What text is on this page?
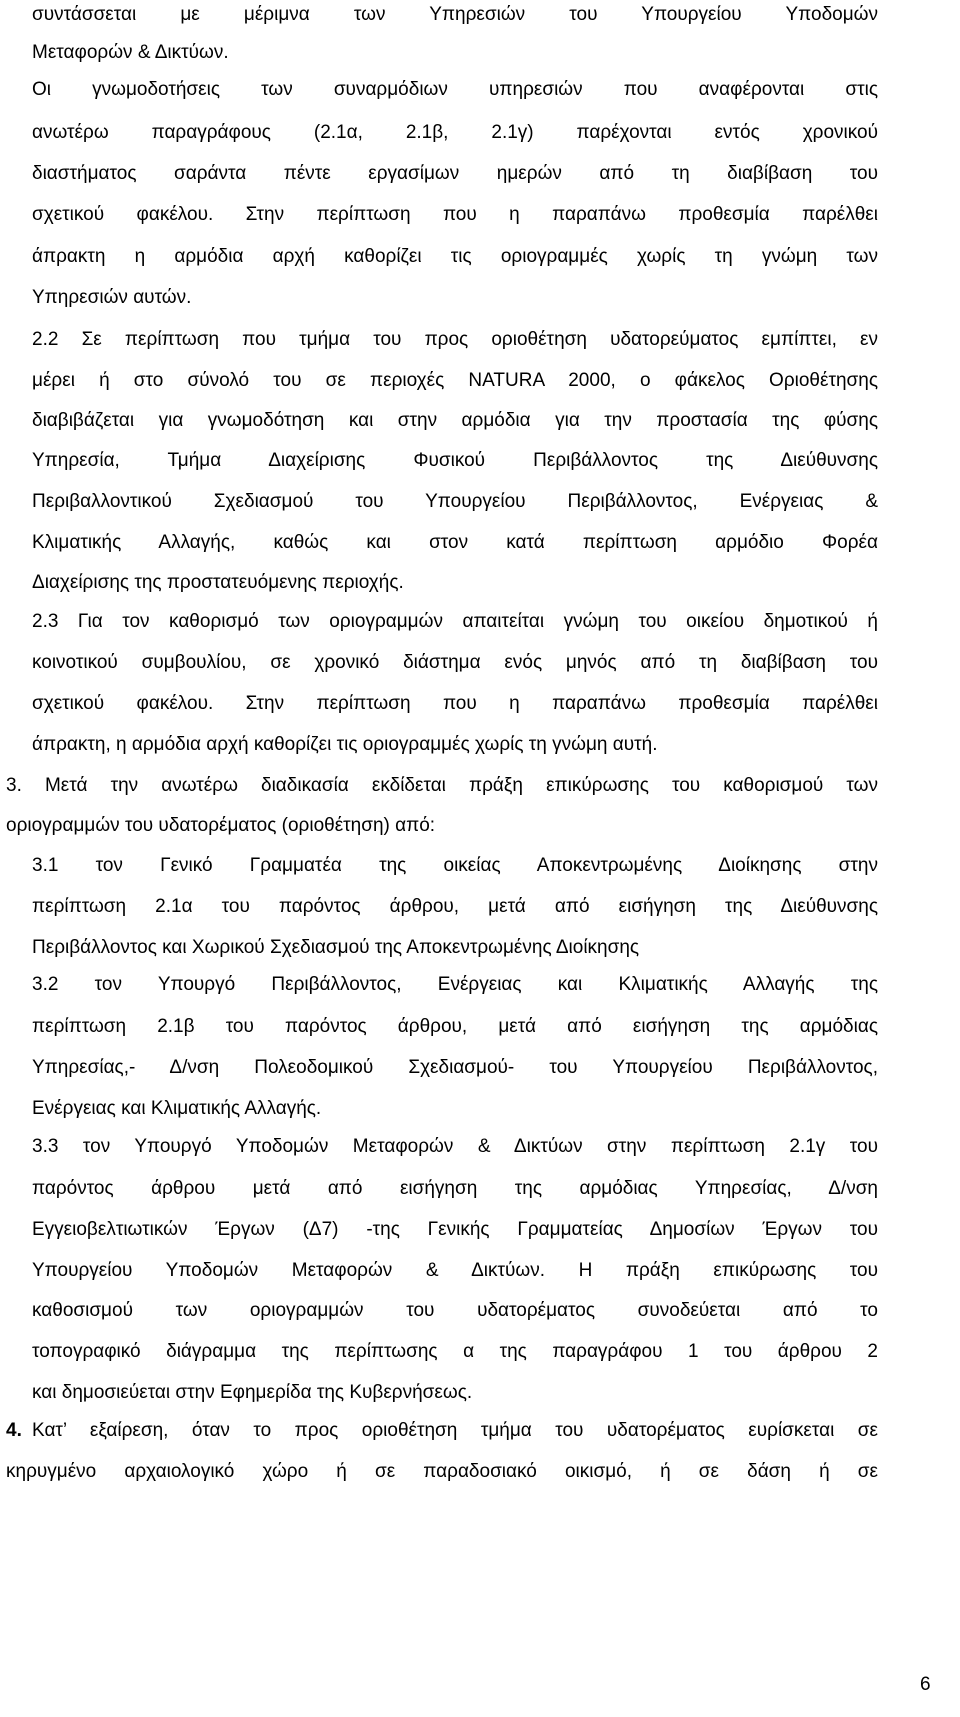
συντάσσεται με μέριμνα των Υπηρεσιών του Υπουργείου Υποδομών
Μεταφορών & Δικτύων.
Οι γνωμοδοτήσεις των συναρμόδιων υπηρεσιών που αναφέρονται στις
ανωτέρω παραγράφους (2.1α, 2.1β, 2.1γ) παρέχονται εντός χρονικού
διαστήματος σαράντα πέντε εργασίμων ημερών από τη διαβίβαση του
σχετικού φακέλου. Στην περίπτωση που η παραπάνω προθεσμία παρέλθει
άπρακτη η αρμόδια αρχή καθορίζει τις οριογραμμές χωρίς τη γνώμη των
Υπηρεσιών αυτών.
2.2 Σε περίπτωση που τμήμα του προς οριοθέτηση υδατορεύματος εμπίπτει, εν
μέρει ή στο σύνολό του σε περιοχές NATURA 2000, ο φάκελος Οριοθέτησης
διαβιβάζεται για γνωμοδότηση και στην αρμόδια για την προστασία της φύσης
Υπηρεσία, Τμήμα Διαχείρισης Φυσικού Περιβάλλοντος της Διεύθυνσης
Περιβαλλοντικού Σχεδιασμού του Υπουργείου Περιβάλλοντος, Ενέργειας &
Κλιματικής Αλλαγής, καθώς και στον κατά περίπτωση αρμόδιο Φορέα
Διαχείρισης της προστατευόμενης περιοχής.
2.3 Για τον καθορισμό των οριογραμμών απαιτείται γνώμη του οικείου δημοτικού ή
κοινοτικού συμβουλίου, σε χρονικό διάστημα ενός μηνός από τη διαβίβαση του
σχετικού φακέλου. Στην περίπτωση που η παραπάνω προθεσμία παρέλθει
άπρακτη, η αρμόδια αρχή καθορίζει τις οριογραμμές χωρίς τη γνώμη αυτή.
3. Μετά την ανωτέρω διαδικασία εκδίδεται πράξη επικύρωσης του καθορισμού των
οριογραμμών του υδατορέματος (οριοθέτηση) από:
3.1 τον Γενικό Γραμματέα της οικείας Αποκεντρωμένης Διοίκησης στην
περίπτωση 2.1α του παρόντος άρθρου, μετά από εισήγηση της Διεύθυνσης
Περιβάλλοντος και Χωρικού Σχεδιασμού της Αποκεντρωμένης Διοίκησης
3.2 τον Υπουργό Περιβάλλοντος, Ενέργειας και Κλιματικής Αλλαγής της
περίπτωση 2.1β του παρόντος άρθρου, μετά από εισήγηση της αρμόδιας
Υπηρεσίας,- Δ/νση Πολεοδομικού Σχεδιασμού- του Υπουργείου Περιβάλλοντος,
Ενέργειας και Κλιματικής Αλλαγής.
3.3 τον Υπουργό Υποδομών Μεταφορών & Δικτύων στην περίπτωση 2.1γ του
παρόντος άρθρου μετά από εισήγηση της αρμόδιας Υπηρεσίας, Δ/νση
Εγγειοβελτιωτικών Έργων (Δ7) -της Γενικής Γραμματείας Δημοσίων Έργων του
Υπουργείου Υποδομών Μεταφορών & Δικτύων. Η πράξη επικύρωσης του
καθοσισμού των οριογραμμών του υδατορέματος συνοδεύεται από το
τοπογραφικό διάγραμμα της περίπτωσης α της παραγράφου 1 του άρθρου 2
και δημοσιεύεται στην Εφημερίδα της Κυβερνήσεως.
4. Κατ’ εξαίρεση, όταν το προς οριοθέτηση τμήμα του υδατορέματος ευρίσκεται σε
κηρυγμένο αρχαιολογικό χώρο ή σε παραδοσιακό οικισμό, ή σε δάση ή σε
6
